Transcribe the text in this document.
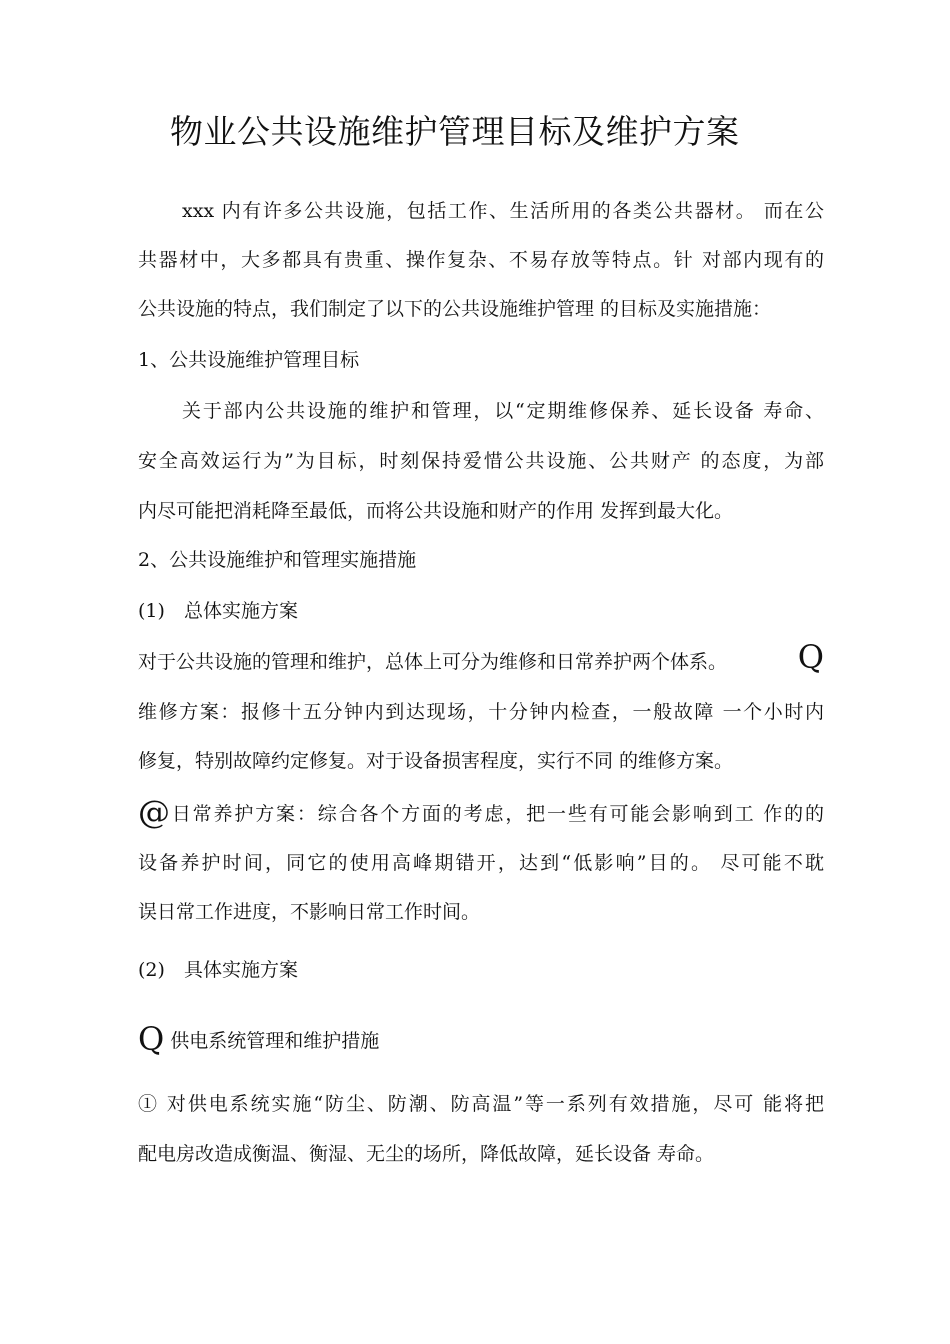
物业公共设施维护管理目标及维护方案
xxx 内有许多公共设施，包括工作、生活所用的各类公共器材。 而在公
共器材中，大多都具有贵重、操作复杂、不易存放等特点。针 对部内现有的
公共设施的特点，我们制定了以下的公共设施维护管理 的目标及实施措施：
1、公共设施维护管理目标
关于部内公共设施的维护和管理，以“定期维修保养、延长设备 寿命、
安全高效运行为”为目标，时刻保持爱惜公共设施、公共财产 的态度，为部
内尽可能把消耗降至最低，而将公共设施和财产的作用 发挥到最大化。
2、公共设施维护和管理实施措施
(1) 总体实施方案
对于公共设施的管理和维护，总体上可分为维修和日常养护两个体系。	Q
维修方案：报修十五分钟内到达现场，十分钟内检查，一般故障 一个小时内
修复，特别故障约定修复。对于设备损害程度，实行不同 的维修方案。
@日常养护方案：综合各个方面的考虑，把一些有可能会影响到工 作的的
设备养护时间，同它的使用高峰期错开，达到“低影响”目的。 尽可能不耽
误日常工作进度，不影响日常工作时间。
(2) 具体实施方案
Q 供电系统管理和维护措施
① 对供电系统实施“防尘、防潮、防高温”等一系列有效措施，尽可 能将把
配电房改造成衡温、衡湿、无尘的场所，降低故障，延长设备 寿命。
